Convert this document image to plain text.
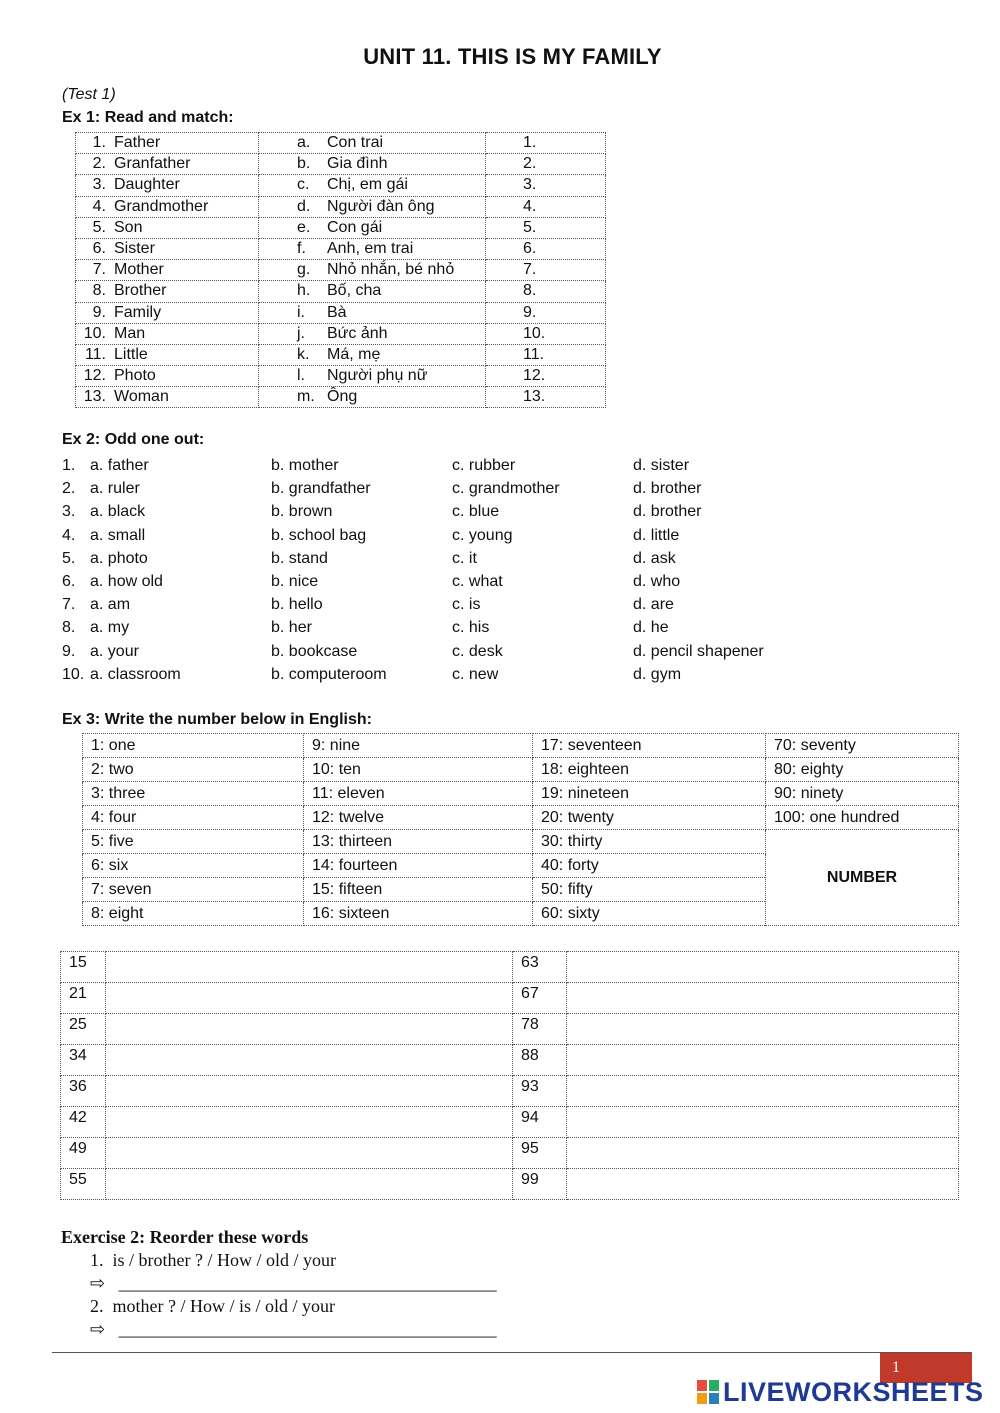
UNIT 11. THIS IS MY FAMILY
(Test 1)
Ex 1: Read and match:
1. Father	a. Con trai	1.
2. Granfather	b. Gia đình	2.
3. Daughter	c. Chị, em gái	3.
4. Grandmother	d. Người đàn ông	4.
5. Son	e. Con gái	5.
6. Sister	f. Anh, em trai	6.
7. Mother	g. Nhỏ nhắn, bé nhỏ	7.
8. Brother	h. Bố, cha	8.
9. Family	i. Bà	9.
10. Man	j. Bức ảnh	10.
11. Little	k. Má, mẹ	11.
12. Photo	l. Người phụ nữ	12.
13. Woman	m. Ông	13.
Ex 2: Odd one out:
1. a. father	b. mother	c. rubber	d. sister
2. a. ruler	b. grandfather	c. grandmother	d. brother
3. a. black	b. brown	c. blue	d. brother
4. a. small	b. school bag	c. young	d. little
5. a. photo	b. stand	c. it	d. ask
6. a. how old	b. nice	c. what	d. who
7. a. am	b. hello	c. is	d. are
8. a. my	b. her	c. his	d. he
9. a. your	b. bookcase	c. desk	d. pencil shapener
10. a. classroom	b. computeroom	c. new	d. gym
Ex 3: Write the number below in English:
1: one	9: nine	17: seventeen	70: seventy
2: two	10: ten	18: eighteen	80: eighty
3: three	11: eleven	19: nineteen	90: ninety
4: four	12: twelve	20: twenty	100: one hundred
5: five	13: thirteen	30: thirty	NUMBER
6: six	14: fourteen	40: forty	
7: seven	15: fifteen	50: fifty	
8: eight	16: sixteen	60: sixty	
15		63	
21		67	
25		78	
34		88	
36		93	
42		94	
49		95	
55		99	
Exercise 2: Reorder these words
1. is / brother ? / How / old / your
⇨ __________________________________________
2. mother ? / How / is / old / your
⇨ __________________________________________
1
LIVEWORKSHEETS
